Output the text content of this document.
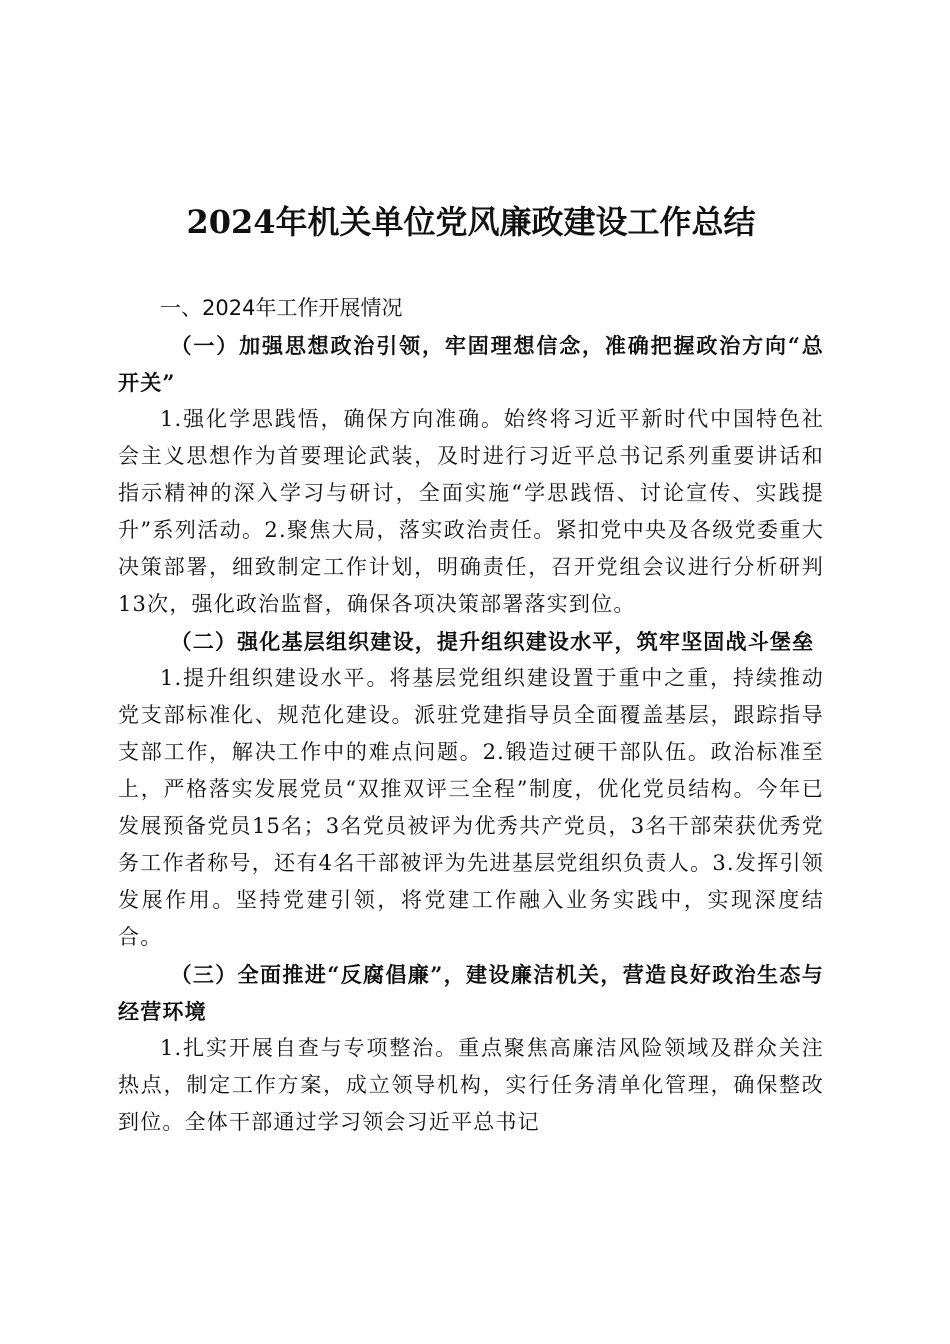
2024年机关单位党风廉政建设工作总结

一、2024年工作开展情况

（一）加强思想政治引领，牢固理想信念，准确把握政治方向“总开关”

1.强化学思践悟，确保方向准确。始终将习近平新时代中国特色社会主义思想作为首要理论武装，及时进行习近平总书记系列重要讲话和指示精神的深入学习与研讨，全面实施“学思践悟、讨论宣传、实践提升”系列活动。2.聚焦大局，落实政治责任。紧扣党中央及各级党委重大决策部署，细致制定工作计划，明确责任，召开党组会议进行分析研判13次，强化政治监督，确保各项决策部署落实到位。

（二）强化基层组织建设，提升组织建设水平，筑牢坚固战斗堡垒

1.提升组织建设水平。将基层党组织建设置于重中之重，持续推动党支部标准化、规范化建设。派驻党建指导员全面覆盖基层，跟踪指导支部工作，解决工作中的难点问题。2.锻造过硬干部队伍。政治标准至上，严格落实发展党员“双推双评三全程”制度，优化党员结构。今年已发展预备党员15名；3名党员被评为优秀共产党员，3名干部荣获优秀党务工作者称号，还有4名干部被评为先进基层党组织负责人。3.发挥引领发展作用。坚持党建引领，将党建工作融入业务实践中，实现深度结合。

（三）全面推进“反腐倡廉”，建设廉洁机关，营造良好政治生态与经营环境

1.扎实开展自查与专项整治。重点聚焦高廉洁风险领域及群众关注热点，制定工作方案，成立领导机构，实行任务清单化管理，确保整改到位。全体干部通过学习领会习近平总书记
